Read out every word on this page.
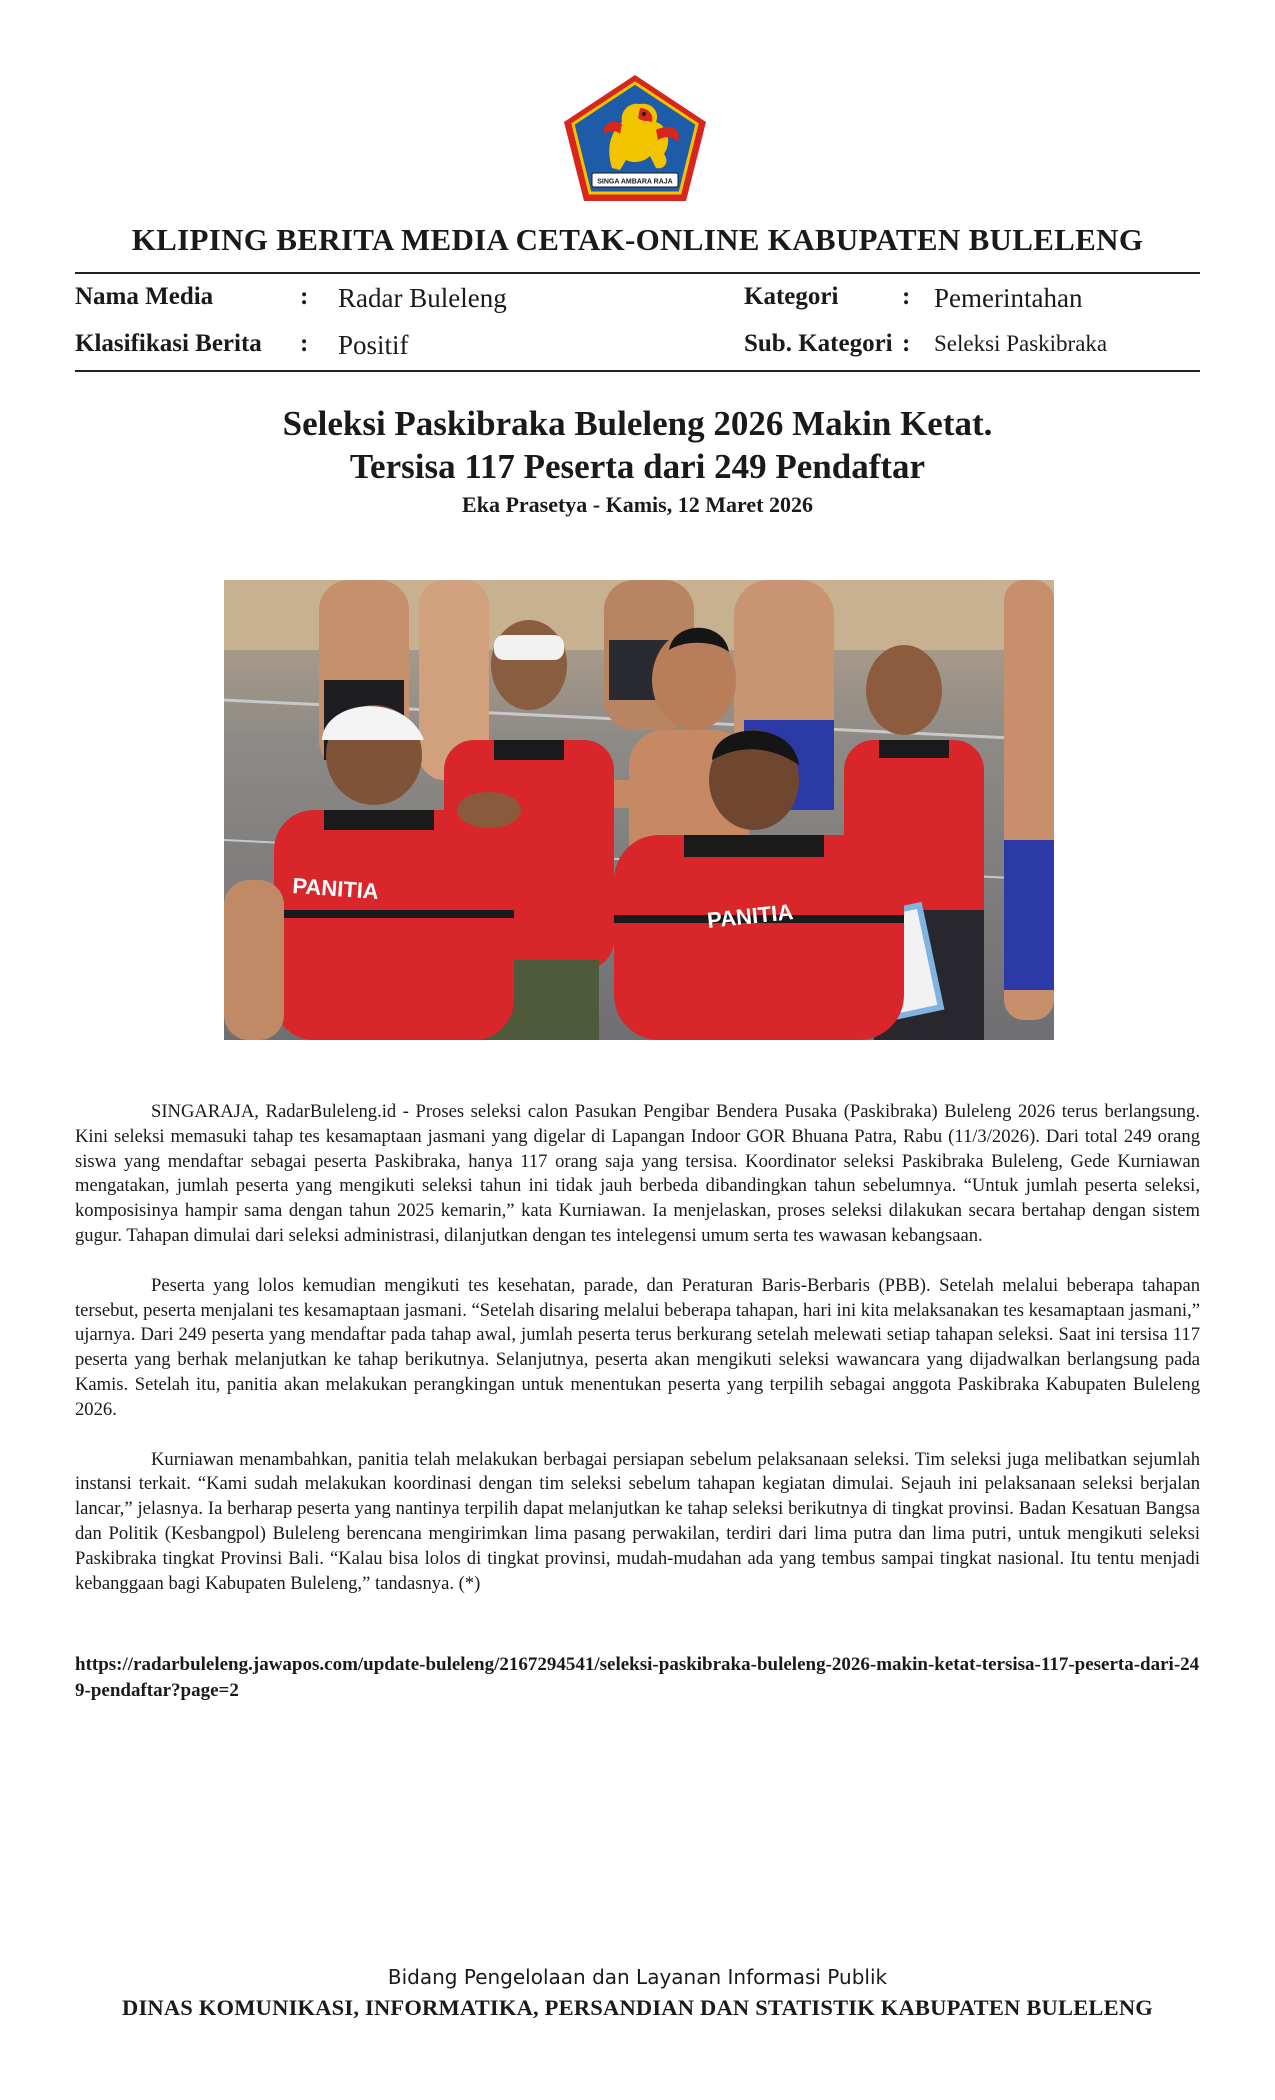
SINGA AMBARA RAJA
KLIPING BERITA MEDIA CETAK-ONLINE KABUPATEN BULELENG
Nama Media	: Radar Buleleng	Kategori	: Pemerintahan
Klasifikasi Berita : Positif	Sub. Kategori : Seleksi Paskibraka
Seleksi Paskibraka Buleleng 2026 Makin Ketat.
Tersisa 117 Peserta dari 249 Pendaftar
Eka Prasetya - Kamis, 12 Maret 2026
PANITIA
PANITIA

SINGARAJA, RadarBuleleng.id - Proses seleksi calon Pasukan Pengibar Bendera Pusaka (Paskibraka) Buleleng 2026 terus berlangsung. Kini seleksi memasuki tahap tes kesamaptaan jasmani yang digelar di Lapangan Indoor GOR Bhuana Patra, Rabu (11/3/2026). Dari total 249 orang siswa yang mendaftar sebagai peserta Paskibraka, hanya 117 orang saja yang tersisa. Koordinator seleksi Paskibraka Buleleng, Gede Kurniawan mengatakan, jumlah peserta yang mengikuti seleksi tahun ini tidak jauh berbeda dibandingkan tahun sebelumnya. “Untuk jumlah peserta seleksi, komposisinya hampir sama dengan tahun 2025 kemarin,” kata Kurniawan. Ia menjelaskan, proses seleksi dilakukan secara bertahap dengan sistem gugur. Tahapan dimulai dari seleksi administrasi, dilanjutkan dengan tes intelegensi umum serta tes wawasan kebangsaan.

Peserta yang lolos kemudian mengikuti tes kesehatan, parade, dan Peraturan Baris-Berbaris (PBB). Setelah melalui beberapa tahapan tersebut, peserta menjalani tes kesamaptaan jasmani. “Setelah disaring melalui beberapa tahapan, hari ini kita melaksanakan tes kesamaptaan jasmani,” ujarnya. Dari 249 peserta yang mendaftar pada tahap awal, jumlah peserta terus berkurang setelah melewati setiap tahapan seleksi. Saat ini tersisa 117 peserta yang berhak melanjutkan ke tahap berikutnya. Selanjutnya, peserta akan mengikuti seleksi wawancara yang dijadwalkan berlangsung pada Kamis. Setelah itu, panitia akan melakukan perangkingan untuk menentukan peserta yang terpilih sebagai anggota Paskibraka Kabupaten Buleleng 2026.

Kurniawan menambahkan, panitia telah melakukan berbagai persiapan sebelum pelaksanaan seleksi. Tim seleksi juga melibatkan sejumlah instansi terkait. “Kami sudah melakukan koordinasi dengan tim seleksi sebelum tahapan kegiatan dimulai. Sejauh ini pelaksanaan seleksi berjalan lancar,” jelasnya. Ia berharap peserta yang nantinya terpilih dapat melanjutkan ke tahap seleksi berikutnya di tingkat provinsi. Badan Kesatuan Bangsa dan Politik (Kesbangpol) Buleleng berencana mengirimkan lima pasang perwakilan, terdiri dari lima putra dan lima putri, untuk mengikuti seleksi Paskibraka tingkat Provinsi Bali. “Kalau bisa lolos di tingkat provinsi, mudah-mudahan ada yang tembus sampai tingkat nasional. Itu tentu menjadi kebanggaan bagi Kabupaten Buleleng,” tandasnya. (*)

https://radarbuleleng.jawapos.com/update-buleleng/2167294541/seleksi-paskibraka-buleleng-2026-makin-ketat-tersisa-117-peserta-dari-249-pendaftar?page=2
Bidang Pengelolaan dan Layanan Informasi Publik
DINAS KOMUNIKASI, INFORMATIKA, PERSANDIAN DAN STATISTIK KABUPATEN BULELENG
